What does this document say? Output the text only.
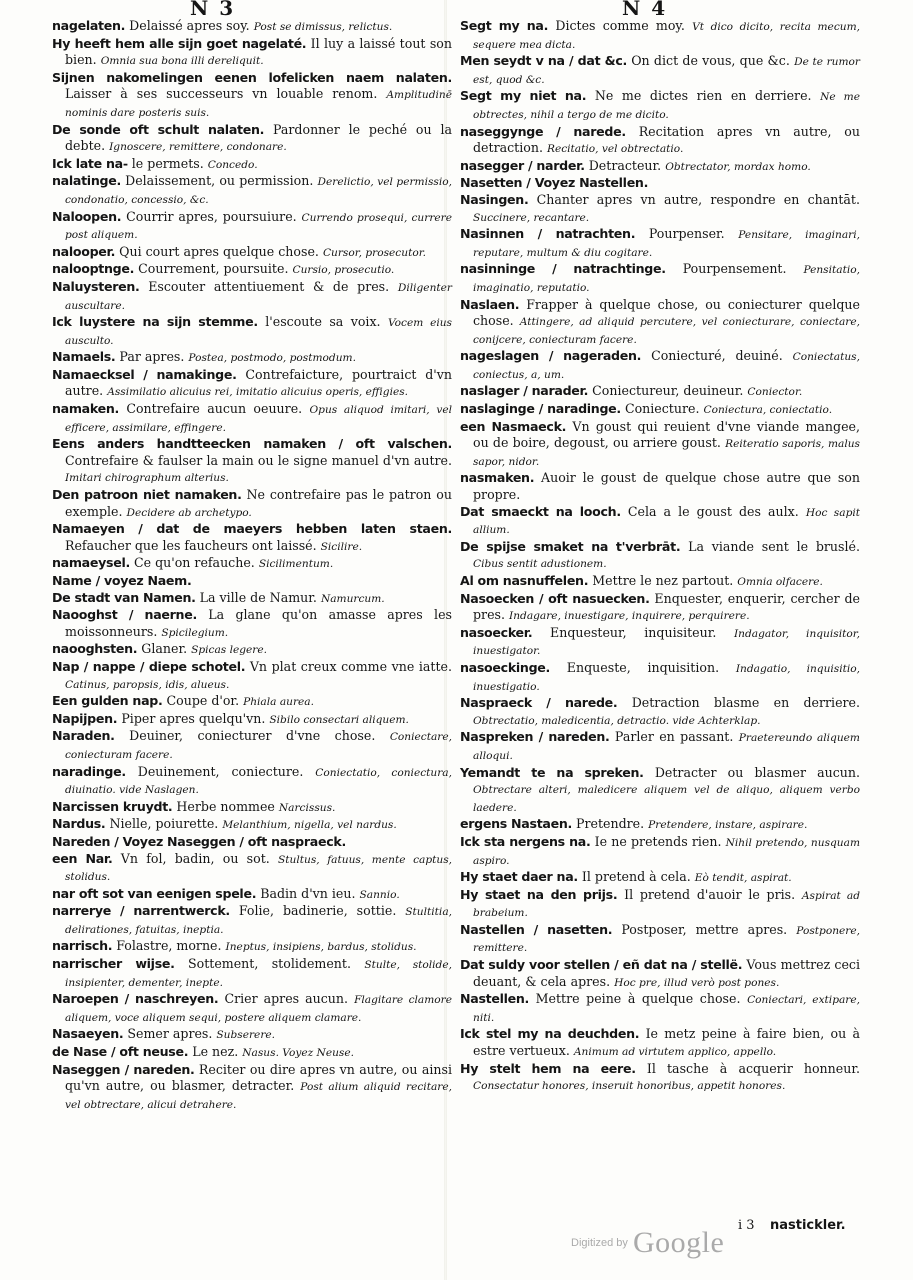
N 3	N 4

nagelaten. Delaissé apres soy. Post se dimissus, relictus.

Hy heeft hem alle sijn goet nagelaté. Il luy a laissé tout son bien. Omnia sua bona illi dereliquit.

Sijnen nakomelingen eenen lofelicken naem nalaten. Laisser à ses successeurs vn louable renom. Amplitudinē nominis dare posteris suis.

De sonde oft schult nalaten. Pardonner le peché ou la debte. Ignoscere, remittere, condonare.

Ick late na- le permets. Concedo.

nalatinge. Delaissement, ou permission. Derelictio, vel permissio, condonatio, concessio, &c.

Naloopen. Courrir apres, poursuiure. Currendo prosequi, currere post aliquem.

nalooper. Qui court apres quelque chose. Cursor, prosecutor.

nalooptnge. Courrement, poursuite. Cursio, prosecutio.

Naluysteren. Escouter attentiuement & de pres. Diligenter auscultare.

Ick luystere na sijn stemme. l'escoute sa voix. Vocem eius ausculto.

Namaels. Par apres. Postea, postmodo, postmodum.

Namaecksel / namakinge. Contrefaicture, pourtraict d'vn autre. Assimilatio alicuius rei, imitatio alicuius operis, effigies.

namaken. Contrefaire aucun oeuure. Opus aliquod imitari, vel efficere, assimilare, effingere.

Eens anders handtteecken namaken / oft valschen. Contrefaire & faulser la main ou le signe manuel d'vn autre. Imitari chirographum alterius.

Den patroon niet namaken. Ne contrefaire pas le patron ou exemple. Decidere ab archetypo.

Namaeyen / dat de maeyers hebben laten staen. Refaucher que les faucheurs ont laissé. Sicilire.

namaeysel. Ce qu'on refauche. Sicilimentum.

Name / voyez Naem.

De stadt van Namen. La ville de Namur. Namurcum.

Naooghst / naerne. La glane qu'on amasse apres les moissonneurs. Spicilegium.

naooghsten. Glaner. Spicas legere.

Nap / nappe / diepe schotel. Vn plat creux comme vne iatte. Catinus, paropsis, idis, alueus.

Een gulden nap. Coupe d'or. Phiala aurea.

Napijpen. Piper apres quelqu'vn. Sibilo consectari aliquem.

Naraden. Deuiner, coniecturer d'vne chose. Coniectare, coniecturam facere.

naradinge. Deuinement, coniecture. Coniectatio, coniectura, diuinatio. vide Naslagen.

Narcissen kruydt. Herbe nommee Narcissus.

Nardus. Nielle, poiurette. Melanthium, nigella, vel nardus.

Nareden / Voyez Naseggen / oft naspraeck.

een Nar. Vn fol, badin, ou sot. Stultus, fatuus, mente captus, stolidus.

nar oft sot van eenigen spele. Badin d'vn ieu. Sannio.

narreryе / narrentwerck. Folie, badinerie, sottie. Stultitia, delirationes, fatuitas, ineptia.

narrisch. Folastre, morne. Ineptus, insipiens, bardus, stolidus.

narrischer wijse. Sottement, stolidement. Stulte, stolide, insipienter, dementer, inepte.

Naroepen / naschreyen. Crier apres aucun. Flagitare clamore aliquem, voce aliquem sequi, postere aliquem clamare.

Nasaeyen. Semer apres. Subserere.

de Nase / oft neuse. Le nez. Nasus. Voyez Neuse.

Naseggen / nareden. Reciter ou dire apres vn autre, ou ainsi qu'vn autre, ou blasmer, detracter. Post alium aliquid recitare, vel obtrectare, alicui detrahere.

Segt my na. Dictes comme moy. Vt dico dicito, recita mecum, sequere mea dicta.

Men seydt v na / dat &c. On dict de vous, que &c. De te rumor est, quod &c.

Segt my niet na. Ne me dictes rien en derriere. Ne me obtrectes, nihil a tergo de me dicito.

naseggynge / narede. Recitation apres vn autre, ou detraction. Recitatio, vel obtrectatio.

nasegger / narder. Detracteur. Obtrectator, mordax homo.

Nasetten / Voyez Nastellen.

Nasingen. Chanter apres vn autre, respondre en chantāt. Succinere, recantare.

Nasinnen / natrachten. Pourpenser. Pensitare, imaginari, reputare, multum & diu cogitare.

nasinninge / natrachtinge. Pourpensement. Pensitatio, imaginatio, reputatio.

Naslaen. Frapper à quelque chose, ou coniecturer quelque chose. Attingere, ad aliquid percutere, vel coniecturare, coniectare, conijcere, coniecturam facere.

nageslagen / nageraden. Coniecturé, deuiné. Coniectatus, coniectus, a, um.

naslager / narader. Coniectureur, deuineur. Coniector.

naslaginge / naradinge. Coniecture. Coniectura, coniectatio.

een Nasmaeck. Vn goust qui reuient d'vne viande mangee, ou de boire, degoust, ou arriere goust. Reiteratio saporis, malus sapor, nidor.

nasmaken. Auoir le goust de quelque chose autre que son propre.

Dat smaeckt na looch. Cela a le goust des aulx. Hoc sapit allium.

De spijse smaket na t'verbrāt. La viande sent le bruslé. Cibus sentit adustionem.

Al om nasnuffelen. Mettre le nez partout. Omnia olfacere.

Nasoecken / oft nasuecken. Enquester, enquerir, cercher de pres. Indagare, inuestigare, inquirere, perquirere.

nasoecker. Enquesteur, inquisiteur. Indagator, inquisitor, inuestigator.

nasoeckinge. Enqueste, inquisition. Indagatio, inquisitio, inuestigatio.

Naspraeck / narede. Detraction blasme en derriere. Obtrectatio, maledicentia, detractio. vide Achterklap.

Naspreken / nareden. Parler en passant. Praetereundo aliquem alloqui.

Yemandt te na spreken. Detracter ou blasmer aucun. Obtrectare alteri, maledicere aliquem vel de aliquo, aliquem verbo laedere.

ergens Nastaen. Pretendre. Pretendere, instare, aspirare.

Ick sta nergens na. Ie ne pretends rien. Nihil pretendo, nusquam aspiro.

Hy staet daer na. Il pretend à cela. Eò tendit, aspirat.

Hy staet na den prijs. Il pretend d'auoir le pris. Aspirat ad brabeium.

Nastellen / nasetten. Postposer, mettre apres. Postponere, remittere.

Dat suldy voor stellen / eñ dat na / stellë. Vous mettrez ceci deuant, & cela apres. Hoc pre, illud verò post pones.

Nastellen. Mettre peine à quelque chose. Coniectari, extipare, niti.

Ick stel my na deuchden. Ie metz peine à faire bien, ou à estre vertueux. Animum ad virtutem applico, appello.

Hy stelt hem na eere. Il tasche à acquerir honneur. Consectatur honores, inseruit honoribus, appetit honores.

Digitized by Google
i 3 nastickler.
